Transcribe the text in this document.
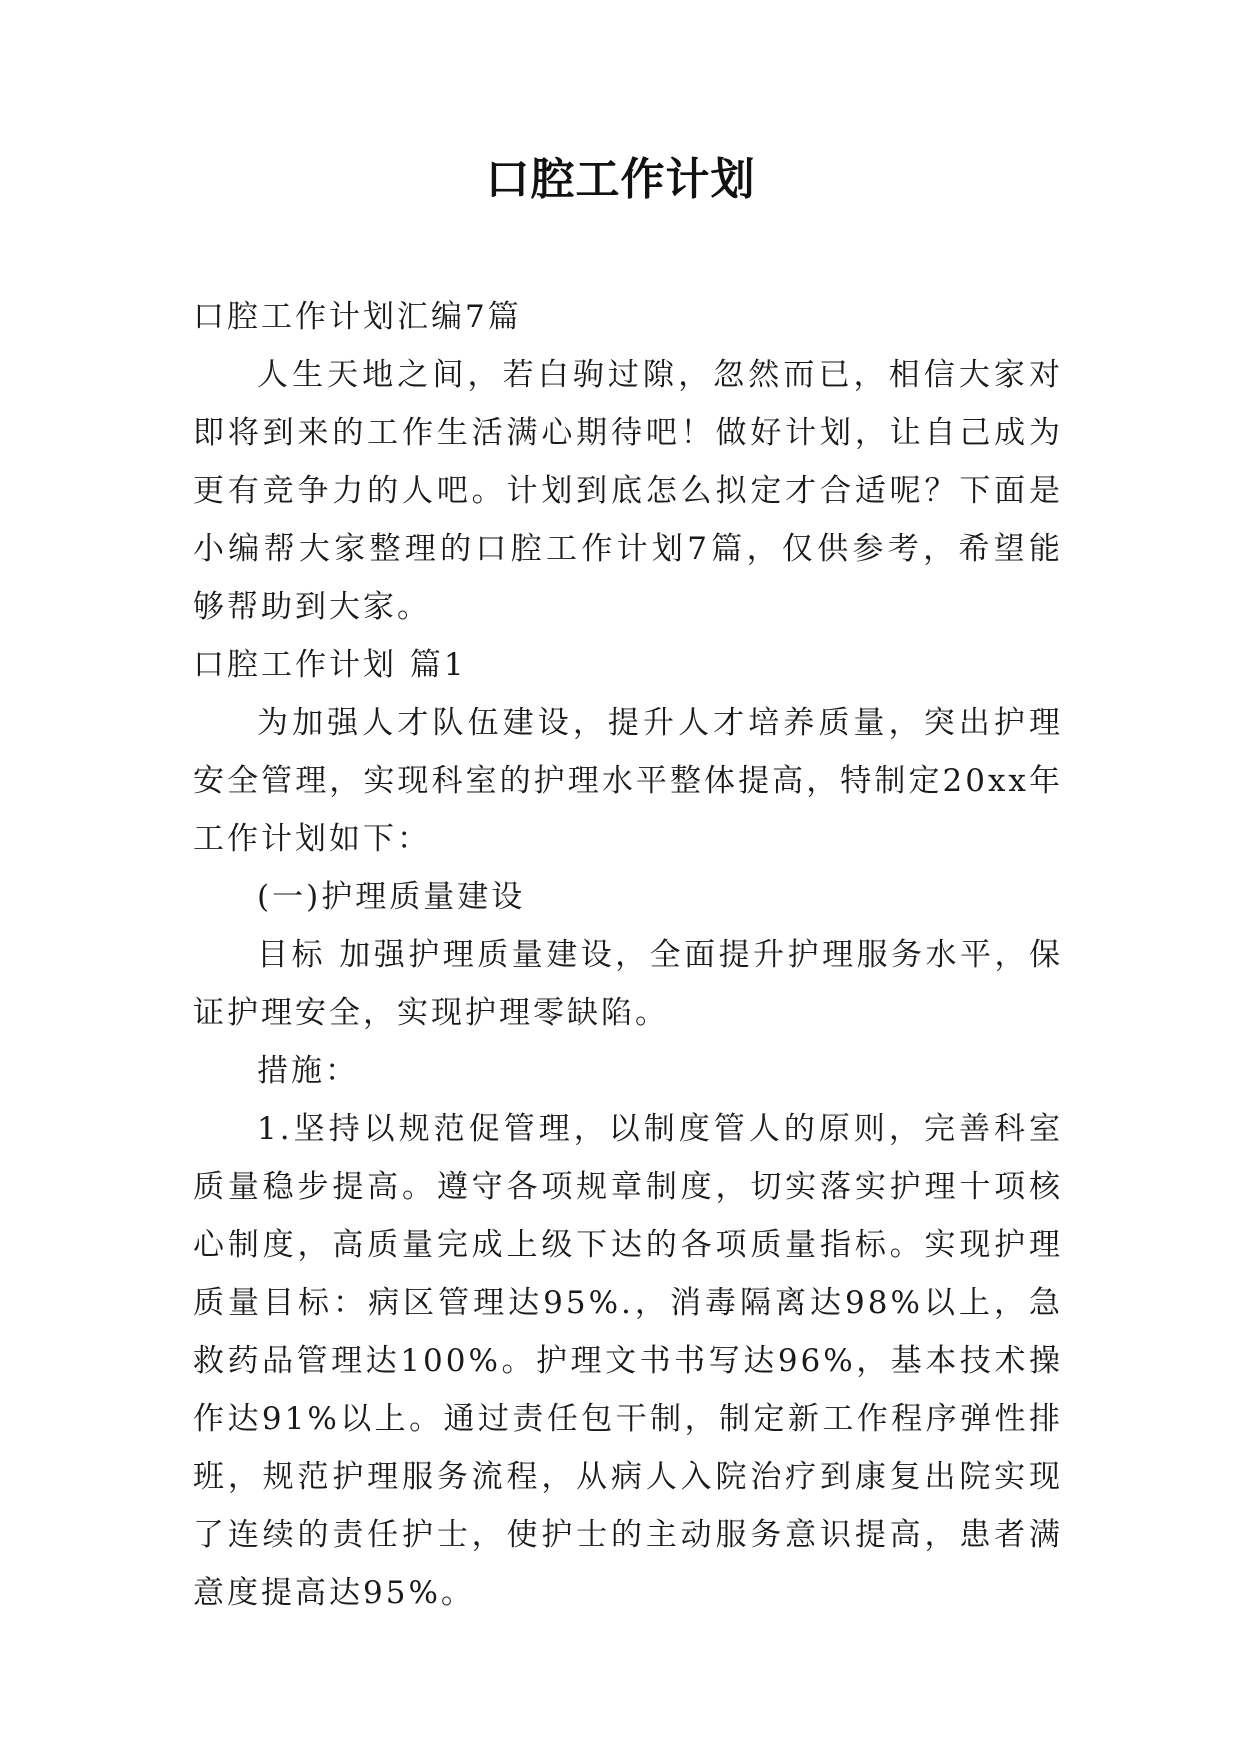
口腔工作计划

口腔工作计划汇编7篇

人生天地之间，若白驹过隙，忽然而已，相信大家对即将到来的工作生活满心期待吧！做好计划，让自己成为更有竞争力的人吧。计划到底怎么拟定才合适呢？下面是小编帮大家整理的口腔工作计划7篇，仅供参考，希望能够帮助到大家。

口腔工作计划 篇1

为加强人才队伍建设，提升人才培养质量，突出护理安全管理，实现科室的护理水平整体提高，特制定20xx年工作计划如下：

(一)护理质量建设

目标 加强护理质量建设，全面提升护理服务水平，保证护理安全，实现护理零缺陷。

措施：

1.坚持以规范促管理，以制度管人的原则，完善科室质量稳步提高。遵守各项规章制度，切实落实护理十项核心制度，高质量完成上级下达的各项质量指标。实现护理质量目标：病区管理达95%.，消毒隔离达98%以上，急救药品管理达100%。护理文书书写达96%，基本技术操作达91%以上。通过责任包干制，制定新工作程序弹性排班，规范护理服务流程，从病人入院治疗到康复出院实现了连续的责任护士，使护士的主动服务意识提高，患者满意度提高达95%。
